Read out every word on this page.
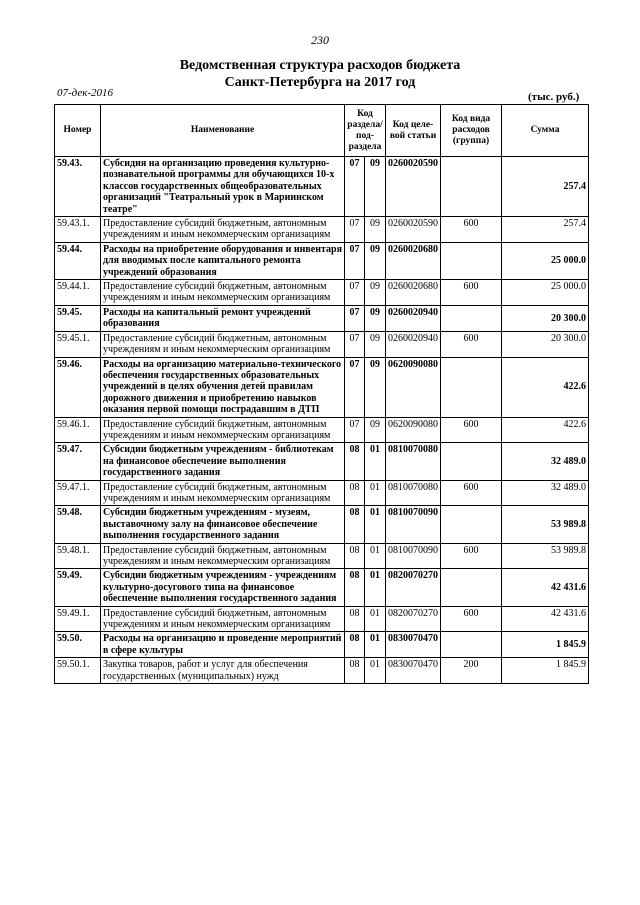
230
Ведомственная структура расходов бюджета
Санкт-Петербурга на 2017 год
07-дек-2016	(тыс. руб.)
Номер	Наименование	Код раздела/ под- раздела		Код целе- вой статьи	Код вида расходов (группа)	Сумма
59.43.	Субсидия на организацию проведения культурно-познавательной программы для обучающихся 10-х классов государственных общеобразовательных организаций "Театральный урок в Мариинском театре"	07	09	0260020590		257.4
59.43.1.	Предоставление субсидий бюджетным, автономным учреждениям и иным некоммерческим организациям	07	09	0260020590	600	257.4
59.44.	Расходы на приобретение оборудования и инвентаря для вводимых после капитального ремонта учреждений образования	07	09	0260020680		25 000.0
59.44.1.	Предоставление субсидий бюджетным, автономным учреждениям и иным некоммерческим организациям	07	09	0260020680	600	25 000.0
59.45.	Расходы на капитальный ремонт учреждений образования	07	09	0260020940		20 300.0
59.45.1.	Предоставление субсидий бюджетным, автономным учреждениям и иным некоммерческим организациям	07	09	0260020940	600	20 300.0
59.46.	Расходы на организацию материально-технического обеспечения государственных образовательных учреждений в целях обучения детей правилам дорожного движения и приобретению навыков оказания первой помощи пострадавшим в ДТП	07	09	0620090080		422.6
59.46.1.	Предоставление субсидий бюджетным, автономным учреждениям и иным некоммерческим организациям	07	09	0620090080	600	422.6
59.47.	Субсидии бюджетным учреждениям - библиотекам на финансовое обеспечение выполнения государственного задания	08	01	0810070080		32 489.0
59.47.1.	Предоставление субсидий бюджетным, автономным учреждениям и иным некоммерческим организациям	08	01	0810070080	600	32 489.0
59.48.	Субсидии бюджетным учреждениям - музеям, выставочному залу на финансовое обеспечение выполнения государственного задания	08	01	0810070090		53 989.8
59.48.1.	Предоставление субсидий бюджетным, автономным учреждениям и иным некоммерческим организациям	08	01	0810070090	600	53 989.8
59.49.	Субсидии бюджетным учреждениям - учреждениям культурно-досугового типа на финансовое обеспечение выполнения государственного задания	08	01	0820070270		42 431.6
59.49.1.	Предоставление субсидий бюджетным, автономным учреждениям и иным некоммерческим организациям	08	01	0820070270	600	42 431.6
59.50.	Расходы на организацию и проведение мероприятий в сфере культуры	08	01	0830070470		1 845.9
59.50.1.	Закупка товаров, работ и услуг для обеспечения государственных (муниципальных) нужд	08	01	0830070470	200	1 845.9
